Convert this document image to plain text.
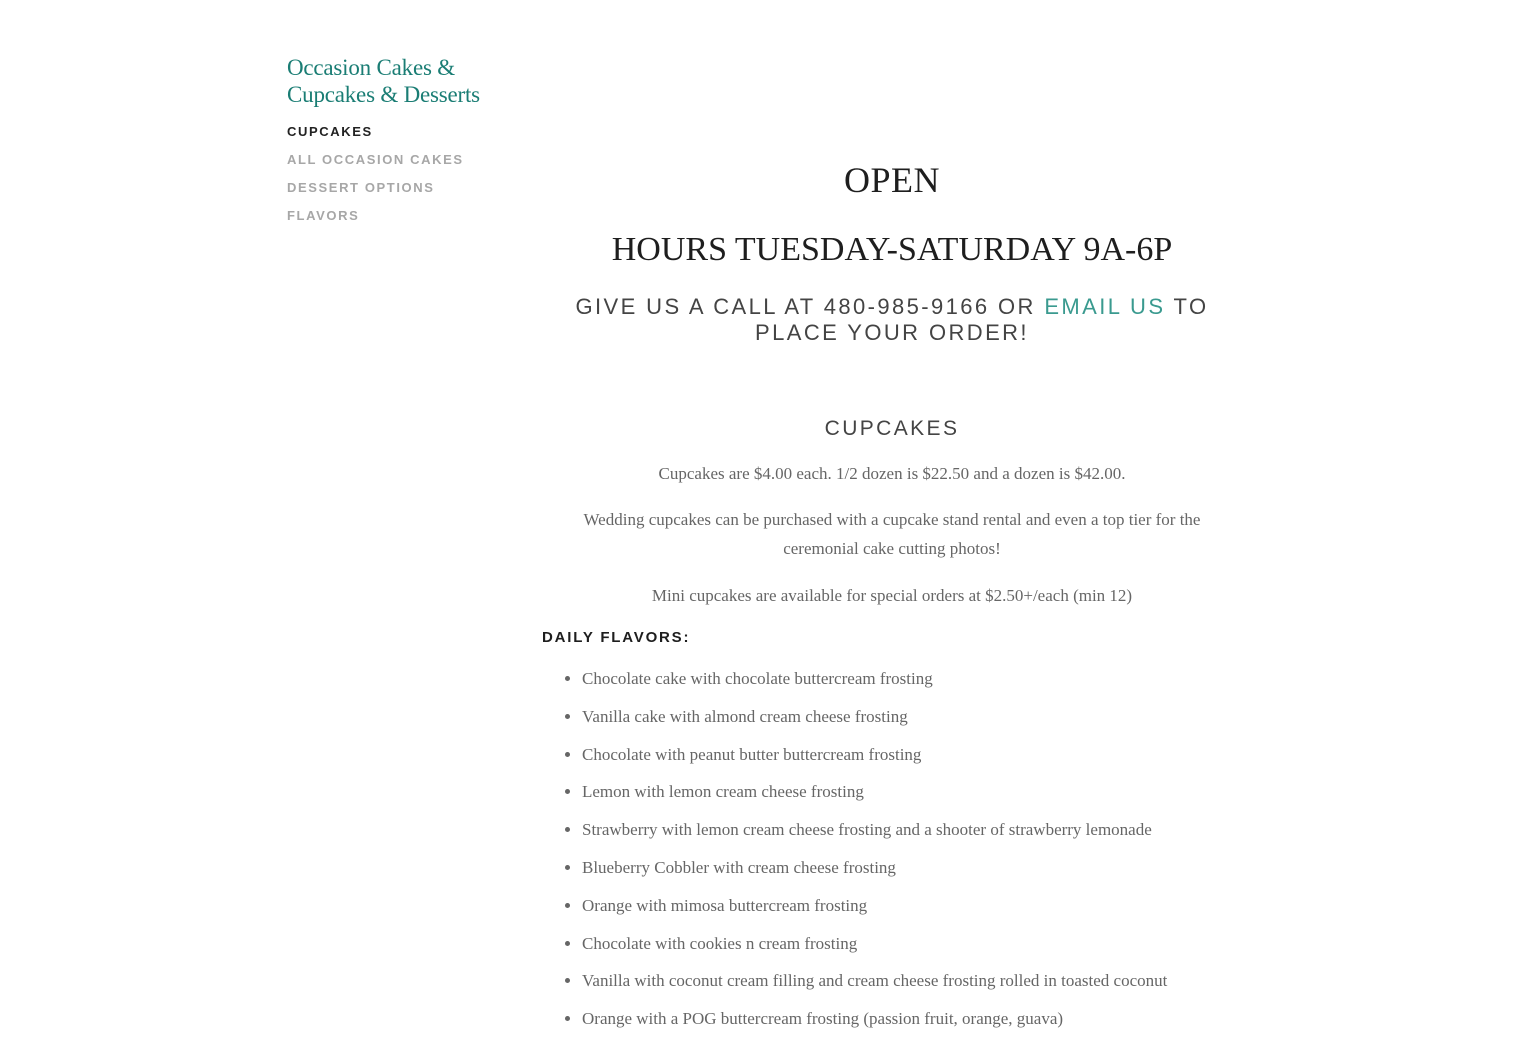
Occasion Cakes &
Cupcakes & Desserts
CUPCAKES
ALL OCCASION CAKES
DESSERT OPTIONS
FLAVORS
OPEN
HOURS TUESDAY-SATURDAY 9A-6P
GIVE US A CALL AT 480-985-9166 OR EMAIL US TO PLACE YOUR ORDER!
CUPCAKES

Cupcakes are $4.00 each. 1/2 dozen is $22.50 and a dozen is $42.00.

Wedding cupcakes can be purchased with a cupcake stand rental and even a top tier for the ceremonial cake cutting photos!

Mini cupcakes are available for special orders at $2.50+/each (min 12)

DAILY FLAVORS:
• Chocolate cake with chocolate buttercream frosting
• Vanilla cake with almond cream cheese frosting
• Chocolate with peanut butter buttercream frosting
• Lemon with lemon cream cheese frosting
• Strawberry with lemon cream cheese frosting and a shooter of strawberry lemonade
• Blueberry Cobbler with cream cheese frosting
• Orange with mimosa buttercream frosting
• Chocolate with cookies n cream frosting
• Vanilla with coconut cream filling and cream cheese frosting rolled in toasted coconut
• Orange with a POG buttercream frosting (passion fruit, orange, guava)
